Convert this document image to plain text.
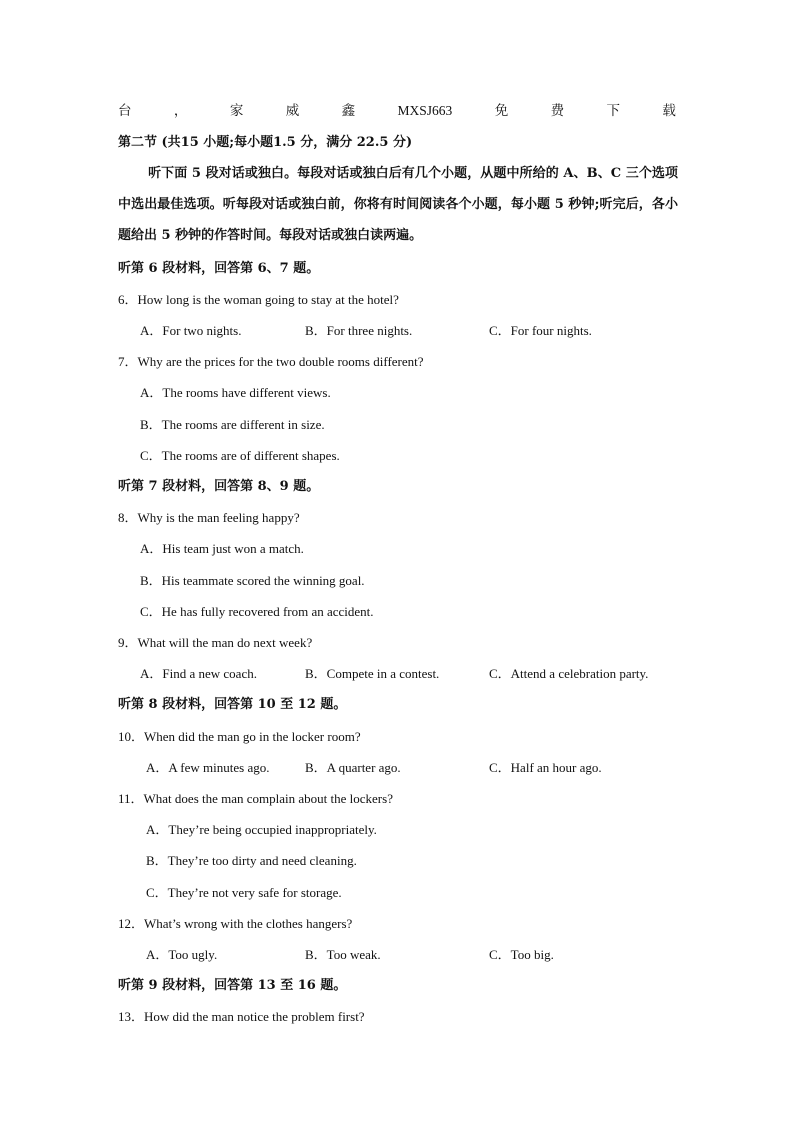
台	，	家	威	鑫	MXSJ663	免	费	下	载
第二节 (共15 小题;每小题1.5 分，满分 22.5 分)
听下面 5 段对话或独白。每段对话或独白后有几个小题，从题中所给的 A、B、C 三个选项中选出最佳选项。听每段对话或独白前，你将有时间阅读各个小题，每小题 5 秒钟;听完后，各小题给出 5 秒钟的作答时间。每段对话或独白读两遍。
听第 6 段材料，回答第 6、7 题。
6．How long is the woman going to stay at the hotel?
A．For two nights.	B．For three nights.	C．For four nights.
7．Why are the prices for the two double rooms different?
A．The rooms have different views.
B．The rooms are different in size.
C．The rooms are of different shapes.
听第 7 段材料，回答第 8、9 题。
8．Why is the man feeling happy?
A．His team just won a match.
B．His teammate scored the winning goal.
C．He has fully recovered from an accident.
9．What will the man do next week?
A．Find a new coach.	B．Compete in a contest.	C．Attend a celebration party.
听第 8 段材料，回答第 10 至 12 题。
10．When did the man go in the locker room?
A．A few minutes ago.	B．A quarter ago.	C．Half an hour ago.
11．What does the man complain about the lockers?
A．They’re being occupied inappropriately.
B．They’re too dirty and need cleaning.
C．They’re not very safe for storage.
12．What’s wrong with the clothes hangers?
A．Too ugly.	B．Too weak.	C．Too big.
听第 9 段材料，回答第 13 至 16 题。
13．How did the man notice the problem first?
